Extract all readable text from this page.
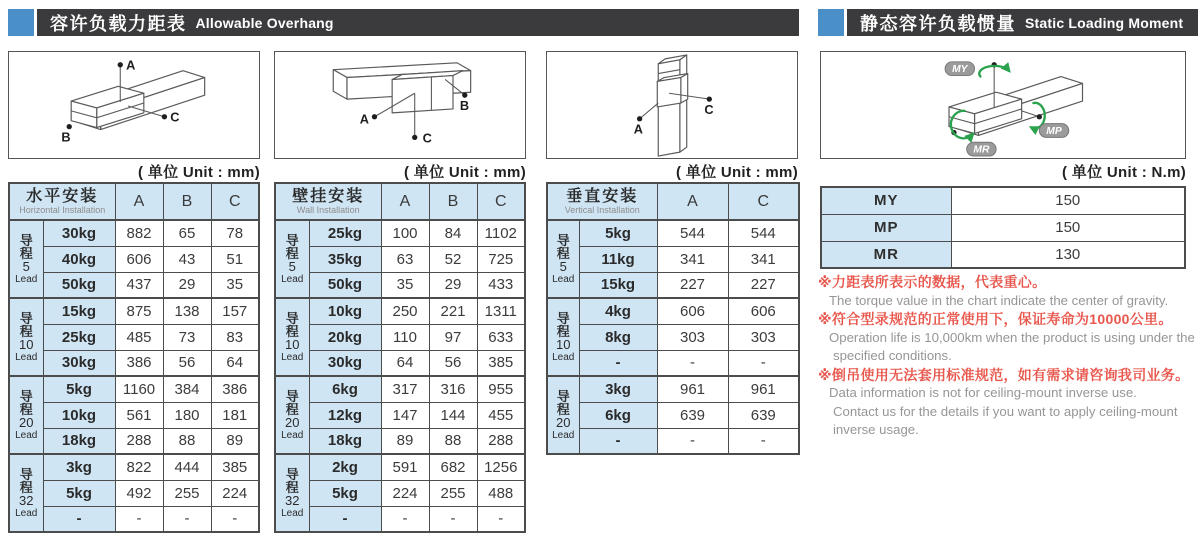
容许负载力距表 Allowable Overhang	静态容许负载惯量 Static Loading Moment
A
C
B
B
A
C
A
C
MY
MP
MR
( 单位 Unit : mm)	( 单位 Unit : mm)	( 单位 Unit : mm)	( 单位 Unit : N.m)
水平安装
Horizontal Installation		A	B	C

导
程
5
Lead	30kg	882	65	78
	40kg	606	43	51
	50kg	437	29	35

导
程
10
Lead	15kg	875	138	157
	25kg	485	73	83
	30kg	386	56	64

导
程
20
Lead	5kg	1160	384	386
	10kg	561	180	181
	18kg	288	88	89

导
程
32
Lead	3kg	822	444	385
	5kg	492	255	224
	-	-	-	-
壁挂安装
Wall Installation		A	B	C

导
程
5
Lead	25kg	100	84	1102
	35kg	63	52	725
	50kg	35	29	433

导
程
10
Lead	10kg	250	221	1311
	20kg	110	97	633
	30kg	64	56	385

导
程
20
Lead	6kg	317	316	955
	12kg	147	144	455
	18kg	89	88	288

导
程
32
Lead	2kg	591	682	1256
	5kg	224	255	488
	-	-	-	-
垂直安装
Vertical Installation		A	C

导
程
5
Lead	5kg	544	544
	11kg	341	341
	15kg	227	227

导
程
10
Lead	4kg	606	606
	8kg	303	303
	-	-	-

导
程
20
Lead	3kg	961	961
	6kg	639	639
	-	-	-
MY	150
MP	150
MR	130
※力距表所表示的数据，代表重心。
The torque value in the chart indicate the center of gravity.
※符合型录规范的正常使用下，保证寿命为10000公里。
Operation life is 10,000km when the product is using under the
specified conditions.
※倒吊使用无法套用标准规范，如有需求请咨询我司业务。
Data information is not for ceiling-mount inverse use.
Contact us for the details if you want to apply ceiling-mount
inverse usage.
